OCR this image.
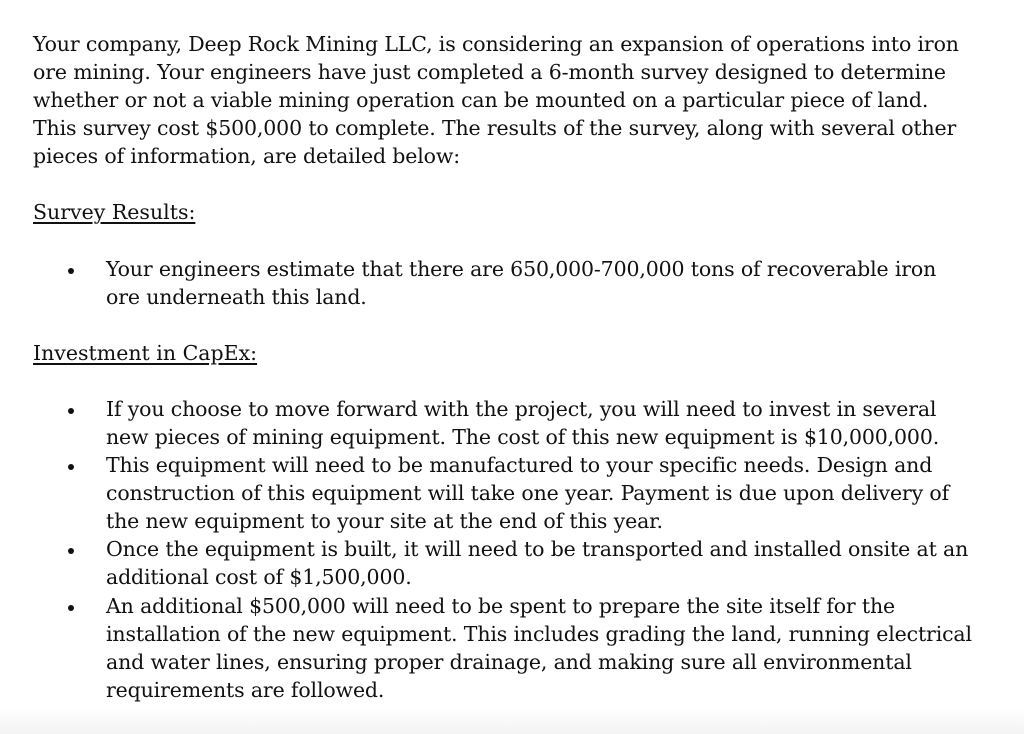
Your company, Deep Rock Mining LLC, is considering an expansion of operations into iron ore mining. Your engineers have just completed a 6-month survey designed to determine whether or not a viable mining operation can be mounted on a particular piece of land. This survey cost $500,000 to complete. The results of the survey, along with several other pieces of information, are detailed below:

Survey Results:

Your engineers estimate that there are 650,000-700,000 tons of recoverable iron ore underneath this land.

Investment in CapEx:

If you choose to move forward with the project, you will need to invest in several new pieces of mining equipment. The cost of this new equipment is $10,000,000.
This equipment will need to be manufactured to your specific needs. Design and construction of this equipment will take one year. Payment is due upon delivery of the new equipment to your site at the end of this year.
Once the equipment is built, it will need to be transported and installed onsite at an additional cost of $1,500,000.
An additional $500,000 will need to be spent to prepare the site itself for the installation of the new equipment. This includes grading the land, running electrical and water lines, ensuring proper drainage, and making sure all environmental requirements are followed.
